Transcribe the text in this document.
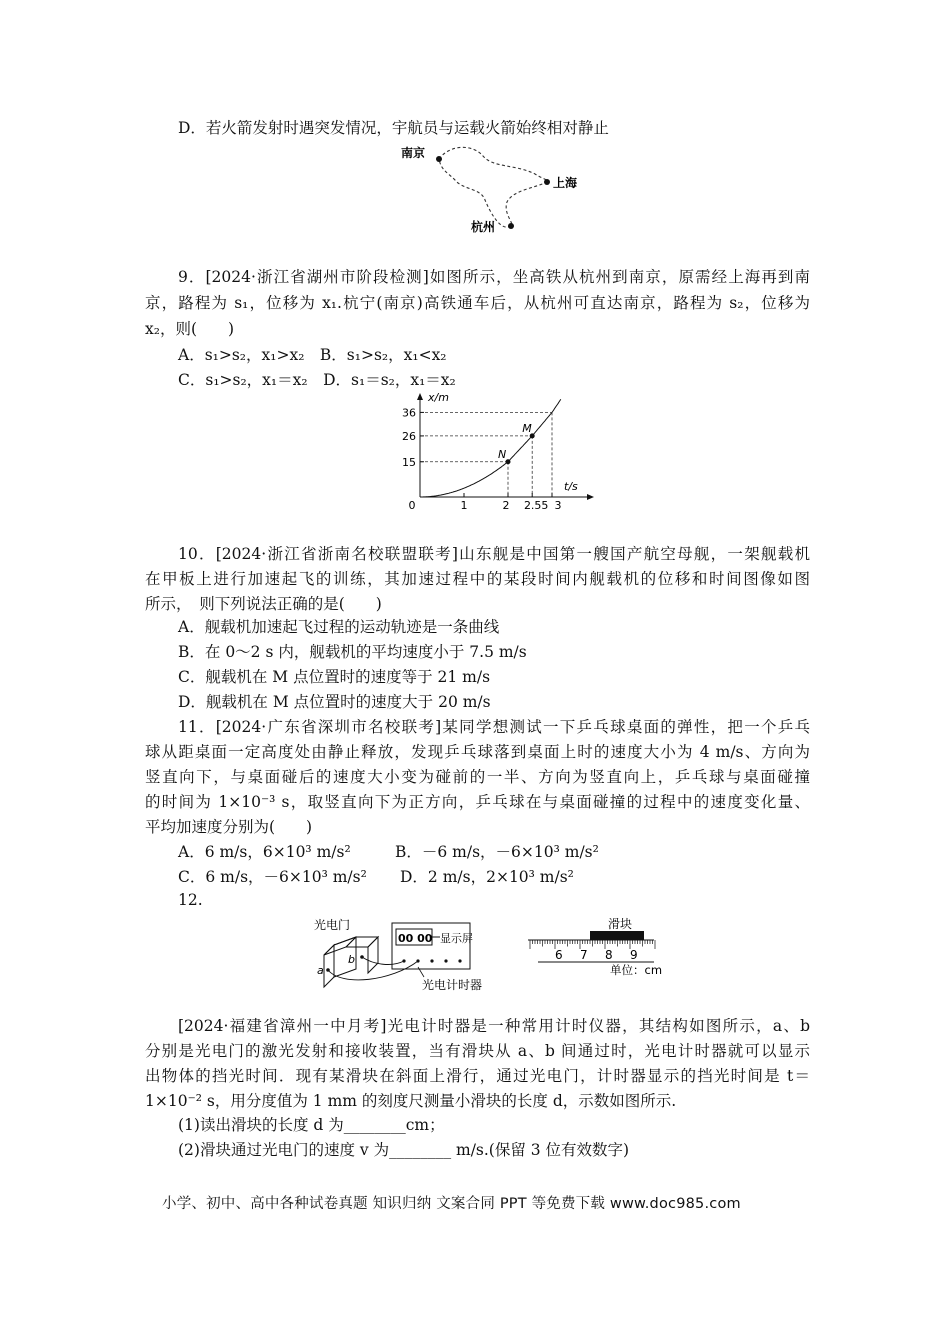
D．若火箭发射时遇突发情况，宇航员与运载火箭始终相对静止
南京
上海
杭州
9．[2024·浙江省湖州市阶段检测]如图所示，坐高铁从杭州到南京，原需经上海再到南
京，路程为 s₁，位移为 x₁.杭宁(南京)高铁通车后，从杭州可直达南京，路程为 s₂，位移为
x₂，则(　　)
A．s₁>s₂，x₁>x₂　B．s₁>s₂，x₁<x₂
C．s₁>s₂，x₁＝x₂　D．s₁＝s₂，x₁＝x₂
x/m
t/s
0
36
26
15
1	2 2.55 3
N
M
10．[2024·浙江省浙南名校联盟联考]山东舰是中国第一艘国产航空母舰，一架舰载机
在甲板上进行加速起飞的训练，其加速过程中的某段时间内舰载机的位移和时间图像如图
所示，　则下列说法正确的是(　　)
A．舰载机加速起飞过程的运动轨迹是一条曲线
B．在 0～2 s 内，舰载机的平均速度小于 7.5 m/s
C．舰载机在 M 点位置时的速度等于 21 m/s
D．舰载机在 M 点位置时的速度大于 20 m/s
11．[2024·广东省深圳市名校联考]某同学想测试一下乒乓球桌面的弹性，把一个乒乓
球从距桌面一定高度处由静止释放，发现乒乓球落到桌面上时的速度大小为 4 m/s、方向为
竖直向下，与桌面碰后的速度大小变为碰前的一半、方向为竖直向上，乒乓球与桌面碰撞
的时间为 1×10⁻³ s，取竖直向下为正方向，乒乓球在与桌面碰撞的过程中的速度变化量、
平均加速度分别为(　　)
A．6 m/s，6×10³ m/s²	B．－6 m/s，－6×10³ m/s²
C．6 m/s，－6×10³ m/s² D．2 m/s，2×10³ m/s²
12.
光电门
a
b
00 00 显示屏
光电计时器
滑块
6 7 8 9
单位：cm
[2024·福建省漳州一中月考]光电计时器是一种常用计时仪器，其结构如图所示，a、b
分别是光电门的激光发射和接收装置，当有滑块从 a、b 间通过时，光电计时器就可以显示
出物体的挡光时间．现有某滑块在斜面上滑行，通过光电门，计时器显示的挡光时间是 t＝
1×10⁻² s，用分度值为 1 mm 的刻度尺测量小滑块的长度 d，示数如图所示.
(1)读出滑块的长度 d 为________cm；
(2)滑块通过光电门的速度 v 为________ m/s.(保留 3 位有效数字)
小学、初中、高中各种试卷真题 知识归纳 文案合同 PPT 等免费下载 www.doc985.com
